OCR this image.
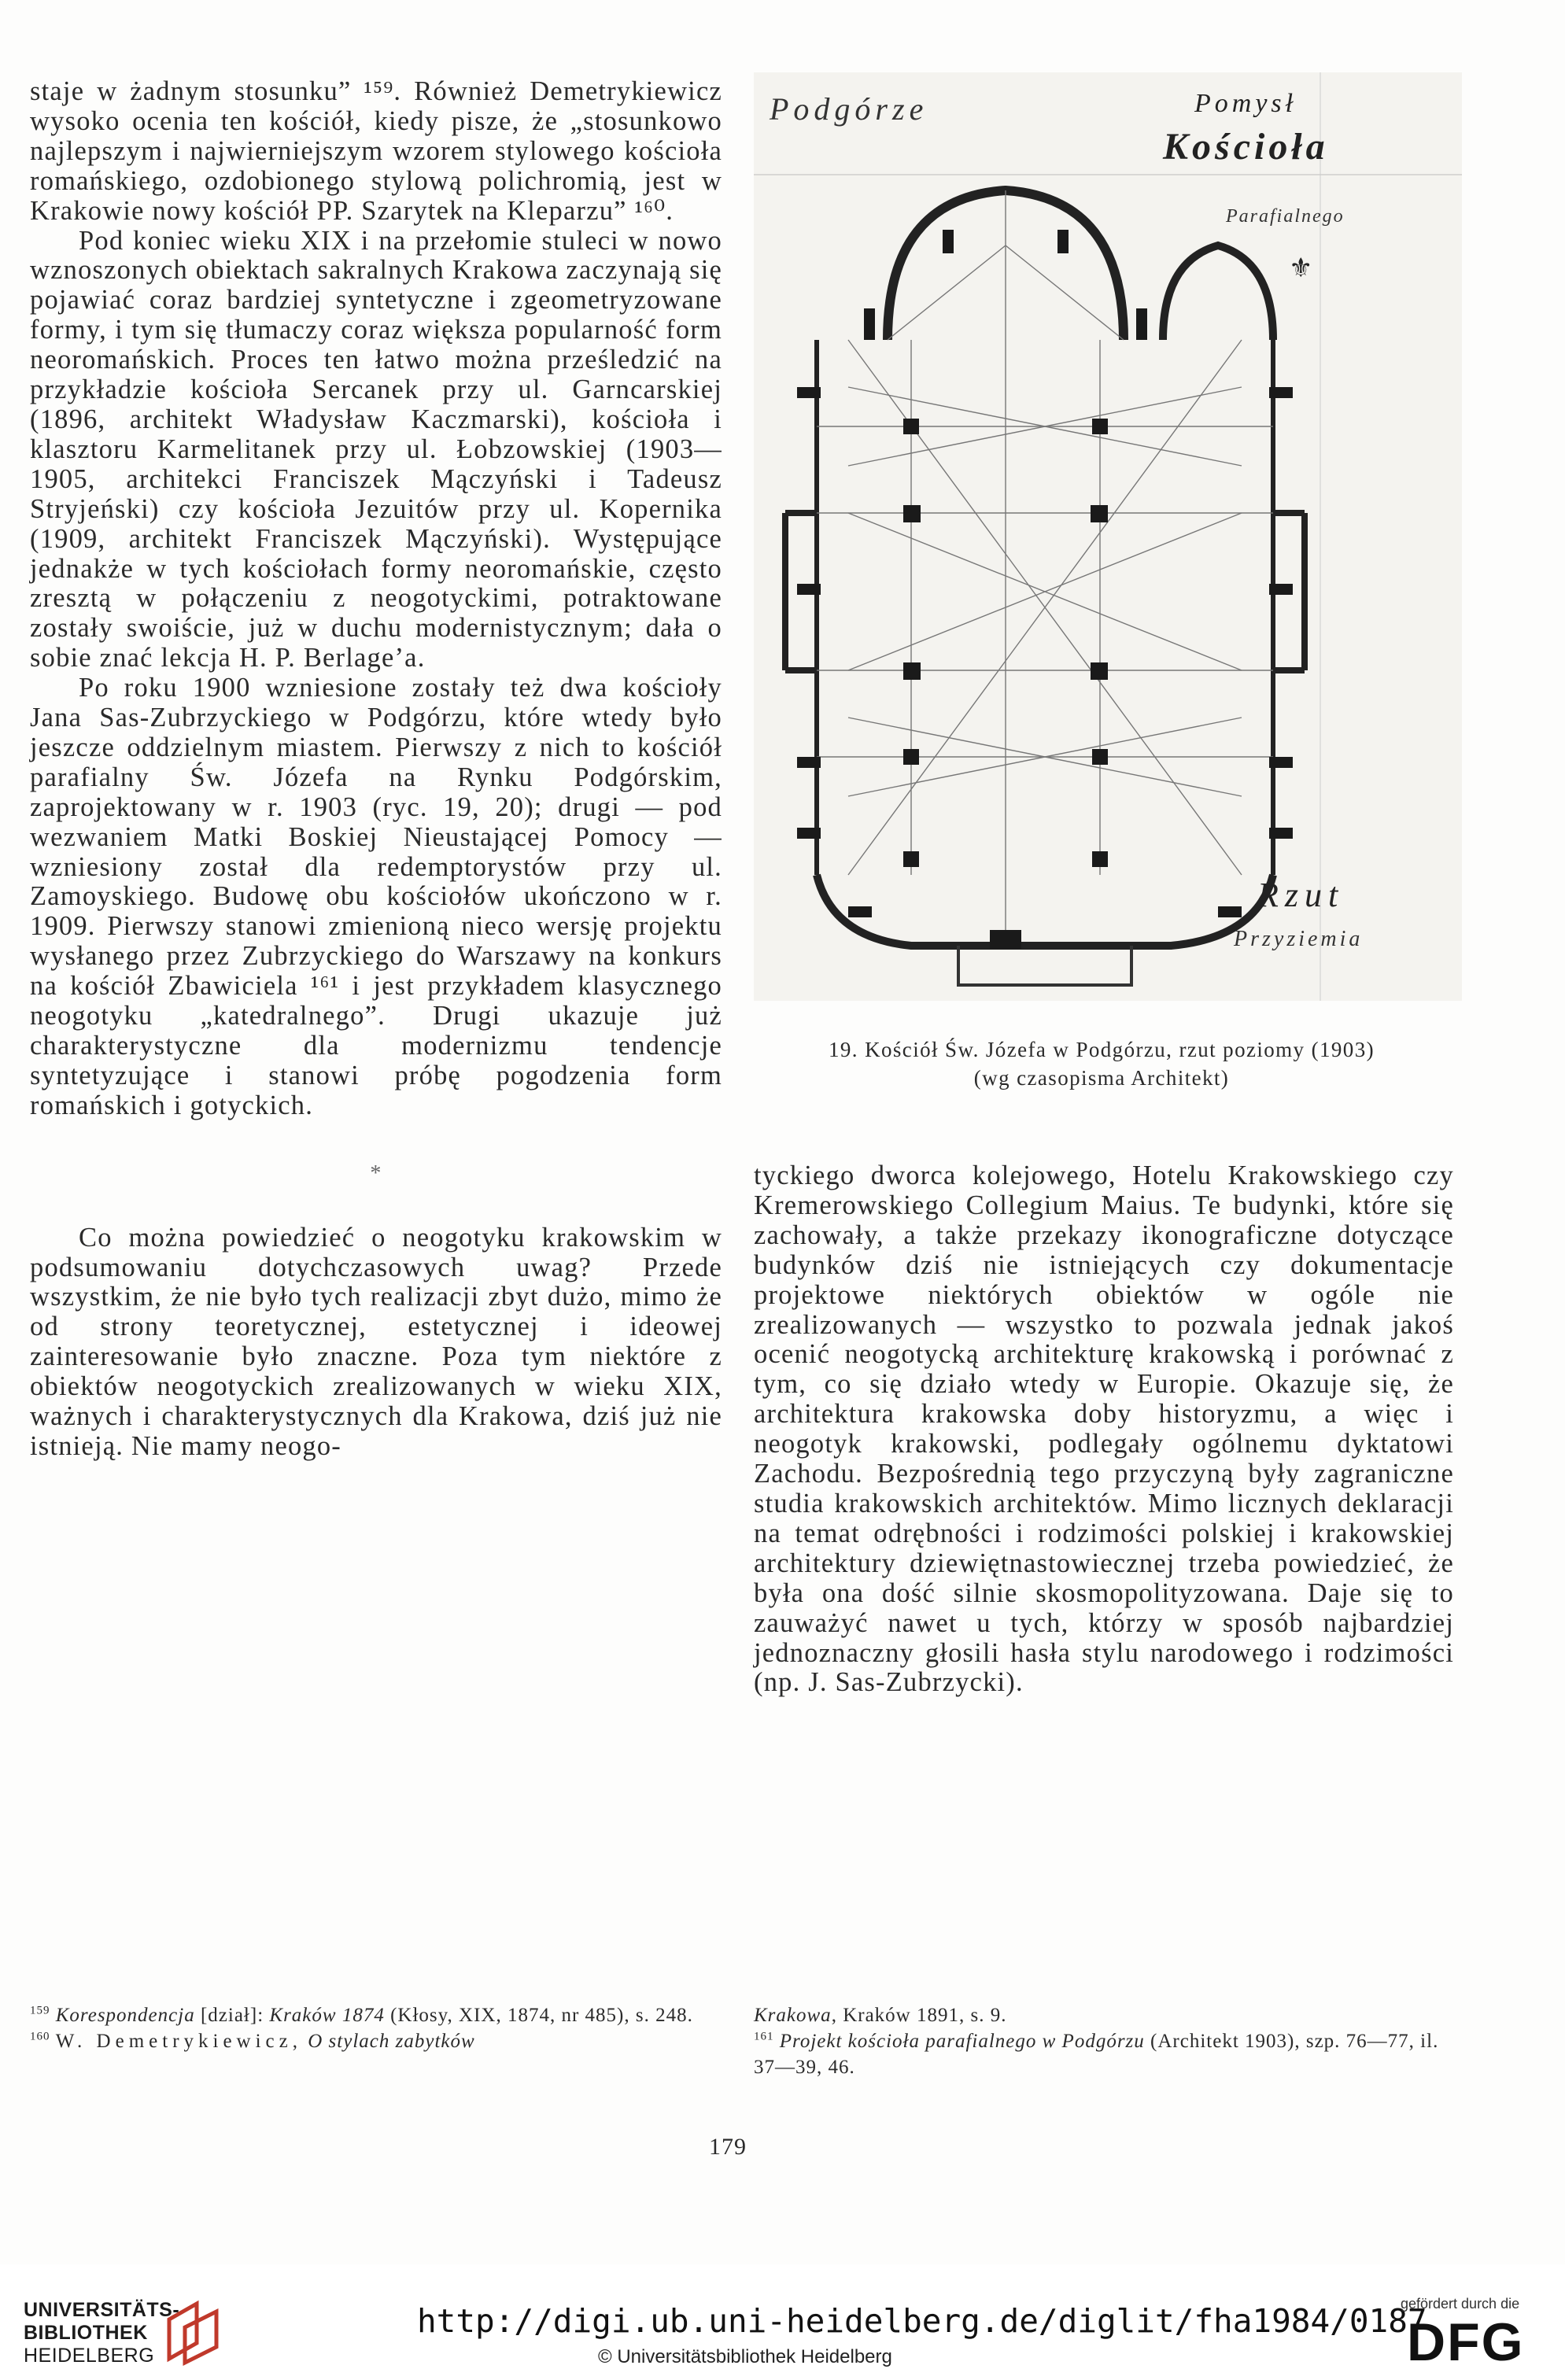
staje w żadnym stosunku” ¹⁵⁹. Również Demetrykiewicz wysoko ocenia ten kościół, kiedy pisze, że „stosunkowo najlepszym i najwierniejszym wzorem stylowego kościoła romańskiego, ozdobionego stylową polichromią, jest w Krakowie nowy kościół PP. Szarytek na Kleparzu” ¹⁶⁰.

Pod koniec wieku XIX i na przełomie stuleci w nowo wznoszonych obiektach sakralnych Krakowa zaczynają się pojawiać coraz bardziej syntetyczne i zgeometryzowane formy, i tym się tłumaczy coraz większa popularność form neoromańskich. Proces ten łatwo można prześledzić na przykładzie kościoła Sercanek przy ul. Garncarskiej (1896, architekt Władysław Kaczmarski), kościoła i klasztoru Karmelitanek przy ul. Łobzowskiej (1903—1905, architekci Franciszek Mączyński i Tadeusz Stryjeński) czy kościoła Jezuitów przy ul. Kopernika (1909, architekt Franciszek Mączyński). Występujące jednakże w tych kościołach formy neoromańskie, często zresztą w połączeniu z neogotyckimi, potraktowane zostały swoiście, już w duchu modernistycznym; dała o sobie znać lekcja H. P. Berlage’a.

Po roku 1900 wzniesione zostały też dwa kościoły Jana Sas-Zubrzyckiego w Podgórzu, które wtedy było jeszcze oddzielnym miastem. Pierwszy z nich to kościół parafialny Św. Józefa na Rynku Podgórskim, zaprojektowany w r. 1903 (ryc. 19, 20); drugi — pod wezwaniem Matki Boskiej Nieustającej Pomocy — wzniesiony został dla redemptorystów przy ul. Zamoyskiego. Budowę obu kościołów ukończono w r. 1909. Pierwszy stanowi zmienioną nieco wersję projektu wysłanego przez Zubrzyckiego do Warszawy na konkurs na kościół Zbawiciela ¹⁶¹ i jest przykładem klasycznego neogotyku „katedralnego”. Drugi ukazuje już charakterystyczne dla modernizmu tendencje syntetyzujące i stanowi próbę pogodzenia form romańskich i gotyckich.

*

Co można powiedzieć o neogotyku krakowskim w podsumowaniu dotychczasowych uwag? Przede wszystkim, że nie było tych realizacji zbyt dużo, mimo że od strony teoretycznej, estetycznej i ideowej zainteresowanie było znaczne. Poza tym niektóre z obiektów neogotyckich zrealizowanych w wieku XIX, ważnych i charakterystycznych dla Krakowa, dziś już nie istnieją. Nie mamy neogo-

Podgórze	Pomysł
Kościoła
Parafialnego
⚜
Rzut
Przyziemia
19. Kościół Św. Józefa w Podgórzu, rzut poziomy (1903)
(wg czasopisma Architekt)

tyckiego dworca kolejowego, Hotelu Krakowskiego czy Kremerowskiego Collegium Maius. Te budynki, które się zachowały, a także przekazy ikonograficzne dotyczące budynków dziś nie istniejących czy dokumentacje projektowe niektórych obiektów w ogóle nie zrealizowanych — wszystko to pozwala jednak jakoś ocenić neogotycką architekturę krakowską i porównać z tym, co się działo wtedy w Europie. Okazuje się, że architektura krakowska doby historyzmu, a więc i neogotyk krakowski, podlegały ogólnemu dyktatowi Zachodu. Bezpośrednią tego przyczyną były zagraniczne studia krakowskich architektów. Mimo licznych deklaracji na temat odrębności i rodzimości polskiej i krakowskiej architektury dziewiętnastowiecznej trzeba powiedzieć, że była ona dość silnie skosmopolityzowana. Daje się to zauważyć nawet u tych, którzy w sposób najbardziej jednoznaczny głosili hasła stylu narodowego i rodzimości (np. J. Sas-Zubrzycki).

$^{159}$ Korespondencja [dział]: Kraków 1874 (Kłosy, XIX, 1874, nr 485), s. 248.

$^{160}$ W. Demetrykiewicz, O stylach zabytków

Krakowa, Kraków 1891, s. 9.

$^{161}$ Projekt kościoła parafialnego w Podgórzu (Architekt 1903), szp. 76—77, il. 37—39, 46.

179
UNIVERSITÄTS-
BIBLIOTHEK
HEIDELBERG
http://digi.ub.uni-heidelberg.de/diglit/fha1984/0187
© Universitätsbibliothek Heidelberg
gefördert durch die
DFG
